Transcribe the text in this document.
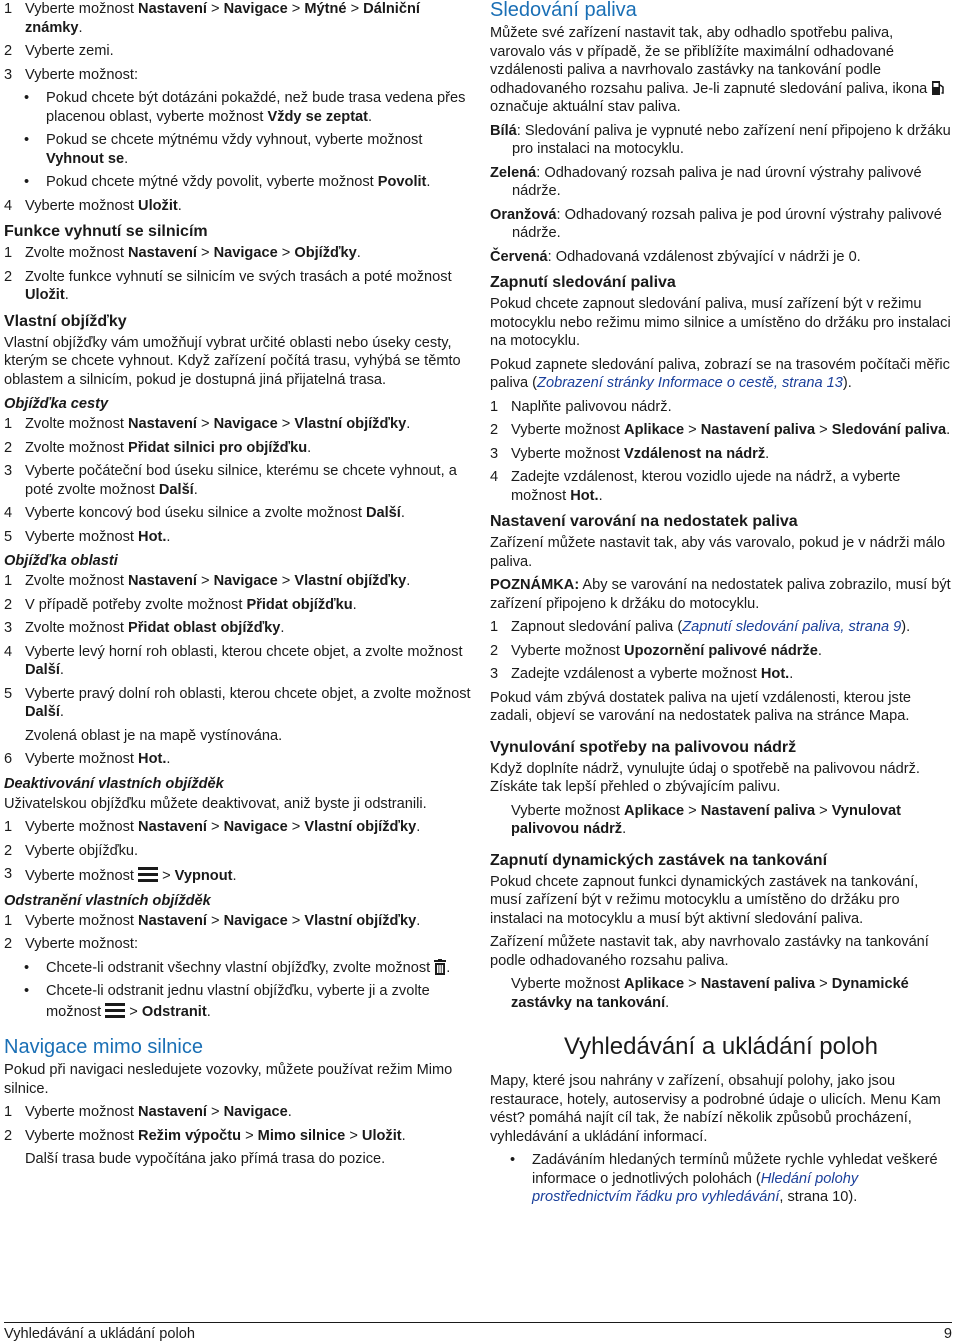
1 Vyberte možnost Nastavení > Navigace > Mýtné > Dálniční známky.
2 Vyberte zemi.
3 Vyberte možnost:
•	Pokud chcete být dotázáni pokaždé, než bude trasa vedena přes placenou oblast, vyberte možnost Vždy se zeptat.
•	Pokud se chcete mýtnému vždy vyhnout, vyberte možnost Vyhnout se.
•	Pokud chcete mýtné vždy povolit, vyberte možnost Povolit.
4 Vyberte možnost Uložit.
Funkce vyhnutí se silnicím
1 Zvolte možnost Nastavení > Navigace > Objížďky.
2 Zvolte funkce vyhnutí se silnicím ve svých trasách a poté možnost Uložit.
Vlastní objížďky

Vlastní objížďky vám umožňují vybrat určité oblasti nebo úseky cesty, kterým se chcete vyhnout. Když zařízení počítá trasu, vyhýbá se těmto oblastem a silnicím, pokud je dostupná jiná přijatelná trasa.

Objížďka cesty
1 Zvolte možnost Nastavení > Navigace > Vlastní objížďky.
2 Zvolte možnost Přidat silnici pro objížďku.
3 Vyberte počáteční bod úseku silnice, kterému se chcete vyhnout, a poté zvolte možnost Další.
4 Vyberte koncový bod úseku silnice a zvolte možnost Další.
5 Vyberte možnost Hot..
Objížďka oblasti
1 Zvolte možnost Nastavení > Navigace > Vlastní objížďky.
2 V případě potřeby zvolte možnost Přidat objížďku.
3 Zvolte možnost Přidat oblast objížďky.
4 Vyberte levý horní roh oblasti, kterou chcete objet, a zvolte možnost Další.
5 Vyberte pravý dolní roh oblasti, kterou chcete objet, a zvolte možnost Další.
Zvolená oblast je na mapě vystínována.
6 Vyberte možnost Hot..
Deaktivování vlastních objížděk

Uživatelskou objížďku můžete deaktivovat, aniž byste ji odstranili.

1 Vyberte možnost Nastavení > Navigace > Vlastní objížďky.
2 Vyberte objížďku.
3 Vyberte možnost  > Vypnout.
Odstranění vlastních objížděk
1 Vyberte možnost Nastavení > Navigace > Vlastní objížďky.
2 Vyberte možnost:
•	Chcete-li odstranit všechny vlastní objížďky, zvolte možnost .
•	Chcete-li odstranit jednu vlastní objížďku, vyberte ji a zvolte možnost  > Odstranit.
Navigace mimo silnice

Pokud při navigaci nesledujete vozovky, můžete používat režim Mimo silnice.

1 Vyberte možnost Nastavení > Navigace.
2 Vyberte možnost Režim výpočtu > Mimo silnice > Uložit.
Další trasa bude vypočítána jako přímá trasa do pozice.
Sledování paliva

Můžete své zařízení nastavit tak, aby odhadlo spotřebu paliva, varovalo vás v případě, že se přiblížíte maximální odhadované vzdálenosti paliva a navrhovalo zastávky na tankování podle odhadovaného rozsahu paliva. Je-li zapnuté sledování paliva, ikona  označuje aktuální stav paliva.

Bílá: Sledování paliva je vypnuté nebo zařízení není připojeno k držáku pro instalaci na motocyklu.
Zelená: Odhadovaný rozsah paliva je nad úrovní výstrahy palivové nádrže.
Oranžová: Odhadovaný rozsah paliva je pod úrovní výstrahy palivové nádrže.
Červená: Odhadovaná vzdálenost zbývající v nádrži je 0.
Zapnutí sledování paliva

Pokud chcete zapnout sledování paliva, musí zařízení být v režimu motocyklu nebo režimu mimo silnice a umístěno do držáku pro instalaci na motocyklu.

Pokud zapnete sledování paliva, zobrazí se na trasovém počítači měřic paliva (Zobrazení stránky Informace o cestě, strana 13).

1 Naplňte palivovou nádrž.
2 Vyberte možnost Aplikace > Nastavení paliva > Sledování paliva.
3 Vyberte možnost Vzdálenost na nádrž.
4 Zadejte vzdálenost, kterou vozidlo ujede na nádrž, a vyberte možnost Hot..
Nastavení varování na nedostatek paliva

Zařízení můžete nastavit tak, aby vás varovalo, pokud je v nádrži málo paliva.

POZNÁMKA: Aby se varování na nedostatek paliva zobrazilo, musí být zařízení připojeno k držáku do motocyklu.

1 Zapnout sledování paliva (Zapnutí sledování paliva, strana 9).
2 Vyberte možnost Upozornění palivové nádrže.
3 Zadejte vzdálenost a vyberte možnost Hot..

Pokud vám zbývá dostatek paliva na ujetí vzdálenosti, kterou jste zadali, objeví se varování na nedostatek paliva na stránce Mapa.

Vynulování spotřeby na palivovou nádrž

Když doplníte nádrž, vynulujte údaj o spotřebě na palivovou nádrž. Získáte tak lepší přehled o zbývajícím palivu.

Vyberte možnost Aplikace > Nastavení paliva > Vynulovat palivovou nádrž.
Zapnutí dynamických zastávek na tankování

Pokud chcete zapnout funkci dynamických zastávek na tankování, musí zařízení být v režimu motocyklu a umístěno do držáku pro instalaci na motocyklu a musí být aktivní sledování paliva.

Zařízení můžete nastavit tak, aby navrhovalo zastávky na tankování podle odhadovaného rozsahu paliva.

Vyberte možnost Aplikace > Nastavení paliva > Dynamické zastávky na tankování.
Vyhledávání a ukládání poloh

Mapy, které jsou nahrány v zařízení, obsahují polohy, jako jsou restaurace, hotely, autoservisy a podrobné údaje o ulicích. Menu Kam vést? pomáhá najít cíl tak, že nabízí několik způsobů procházení, vyhledávání a ukládání informací.

•	Zadáváním hledaných termínů můžete rychle vyhledat veškeré informace o jednotlivých polohách (Hledání polohy prostřednictvím řádku pro vyhledávání, strana 10).
Vyhledávání a ukládání poloh	9
